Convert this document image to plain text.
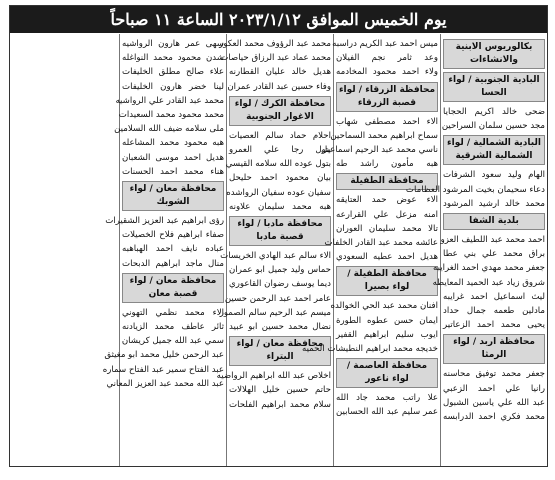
يوم الخميس الموافق ٢٠٢٣/١/١٢ الساعة ١١ صباحاً
بكالوريوس الابنية والانشاءات
البادية الجنوبية / لواء الحسا
ضحى خالد اكريم الحجايا
مجد حسين سلمان السراحين
البادية الشمالية / لواء الشمالية الشرقية
الهام وليد سعود الشرفات
دعاء سحيمان بخيت المرشود العظامات
محمد خالد ارشيد المرشود
بلدية الشفا
احمد محمد عبد اللطيف العزو
براق محمد علي بني عطا
جعفر محمد مهدي احمد الغرايبه
شروق زياد عبد الحميد المعايطه
ليث اسماعيل احمد غرايبه
مادلين طعمه جمال حداد
يحيى محمد احمد الزعاتير
محافظة اربد / لواء الرمثا
جعفر محمد توفيق محاسنه
رانيا علي احمد الزعبي
عبد الله علي ياسين الشبول
محمد فكري احمد الدرابسه
ميس احمد عبد الكريم دراسبه
وعد ثامر نجم الفيلان
ولاء احمد محمود المخادمه
محافظة الزرقاء / لواء قصبة الزرقاء
الاء احمد مصطفى شهاب
سماح ابراهيم محمد السماحين
ناسي محمد عبد الرحيم اسماعيل
هبه مأمون راشد طه
محافظة الطفيلة
الاء عوض حمد العتايقه
امنه مزعل علي القرارعه
تالا محمد سليمان العوران
عائشه محمد عبد القادر الخلفات
هديل احمد عطيه السعودي
محافظة الطفيلة / لواء بصيرا
افنان محمد عبد الحي الخوالده
ايمان حسن عطوه الطورة
ايوب سليم ابراهيم القفير
خديجه محمد ابراهيم النطيشات الحميه
محافظة العاصمة / لواء ناعور
علا راتب محمد جاد الله
عمر سليم عبد الله الحسابين
محمد عبد الرؤوف محمد العكور
محمد عماد عبد الرزاق حياصات
هديل خالد عليان القطارنه
وفاء حسين عبد القادر عمران
محافظة الكرك / لواء الاغوار الجنوبية
احلام حماد سالم العصيات
بتول رجا علي العمرو
بتول عوده الله سلامه القيسي
بيان محمود احمد حليحل
سفيان عوده سفيان الرواشده
هبه محمد سليمان علاونه
محافظة مادبا / لواء قصبة مادبا
الاء سالم عبد الهادي الخريسات
حماس وليد جميل ابو عمران
ديما يوسف رضوان القاعوري
عامر احمد عبد الرحمن حسين
ميسم عبد الرحيم سالم الصمور
نضال محمد حسين ابو عبيد
محافظة معان / لواء البتراء
اخلاص عبد الله ابراهيم الرواضيه
حاتم حسين خليل الهلالات
سلام محمد ابراهيم الفلحات
سهى عمر هارون الرواشيه
شدن محمود محمد النواغله
علاء صالح مطلق الخليفات
لينا خضر هارون الخليفات
محمد عبد القادر علي الرواشيه
محمد محمود محمد السعيدات
ملى سلامه ضيف الله السلامين
هبه محمود محمد المشاعله
هديل احمد موسى الشعبان
هناء محمد احمد الحسنات
محافظة معان / لواء الشوبك
رؤى ابراهيم عبد العزيز الشقيرات
صفاء ابراهيم فلاح الخصيلات
عباده نايف احمد الهباهبه
منال ماجد ابراهيم الدبحات
محافظة معان / لواء قصبة معان
الاء محمد نظمي التهوني
ثائر عاطف محمد الزيادنه
سمي عبد الله جميل كريشان
عبد الرحمن خليل محمد ابو مغيثق
عبد الفتاح سمير عبد الفتاح سماره
عبد الله محمد عبد العزيز المعاني
